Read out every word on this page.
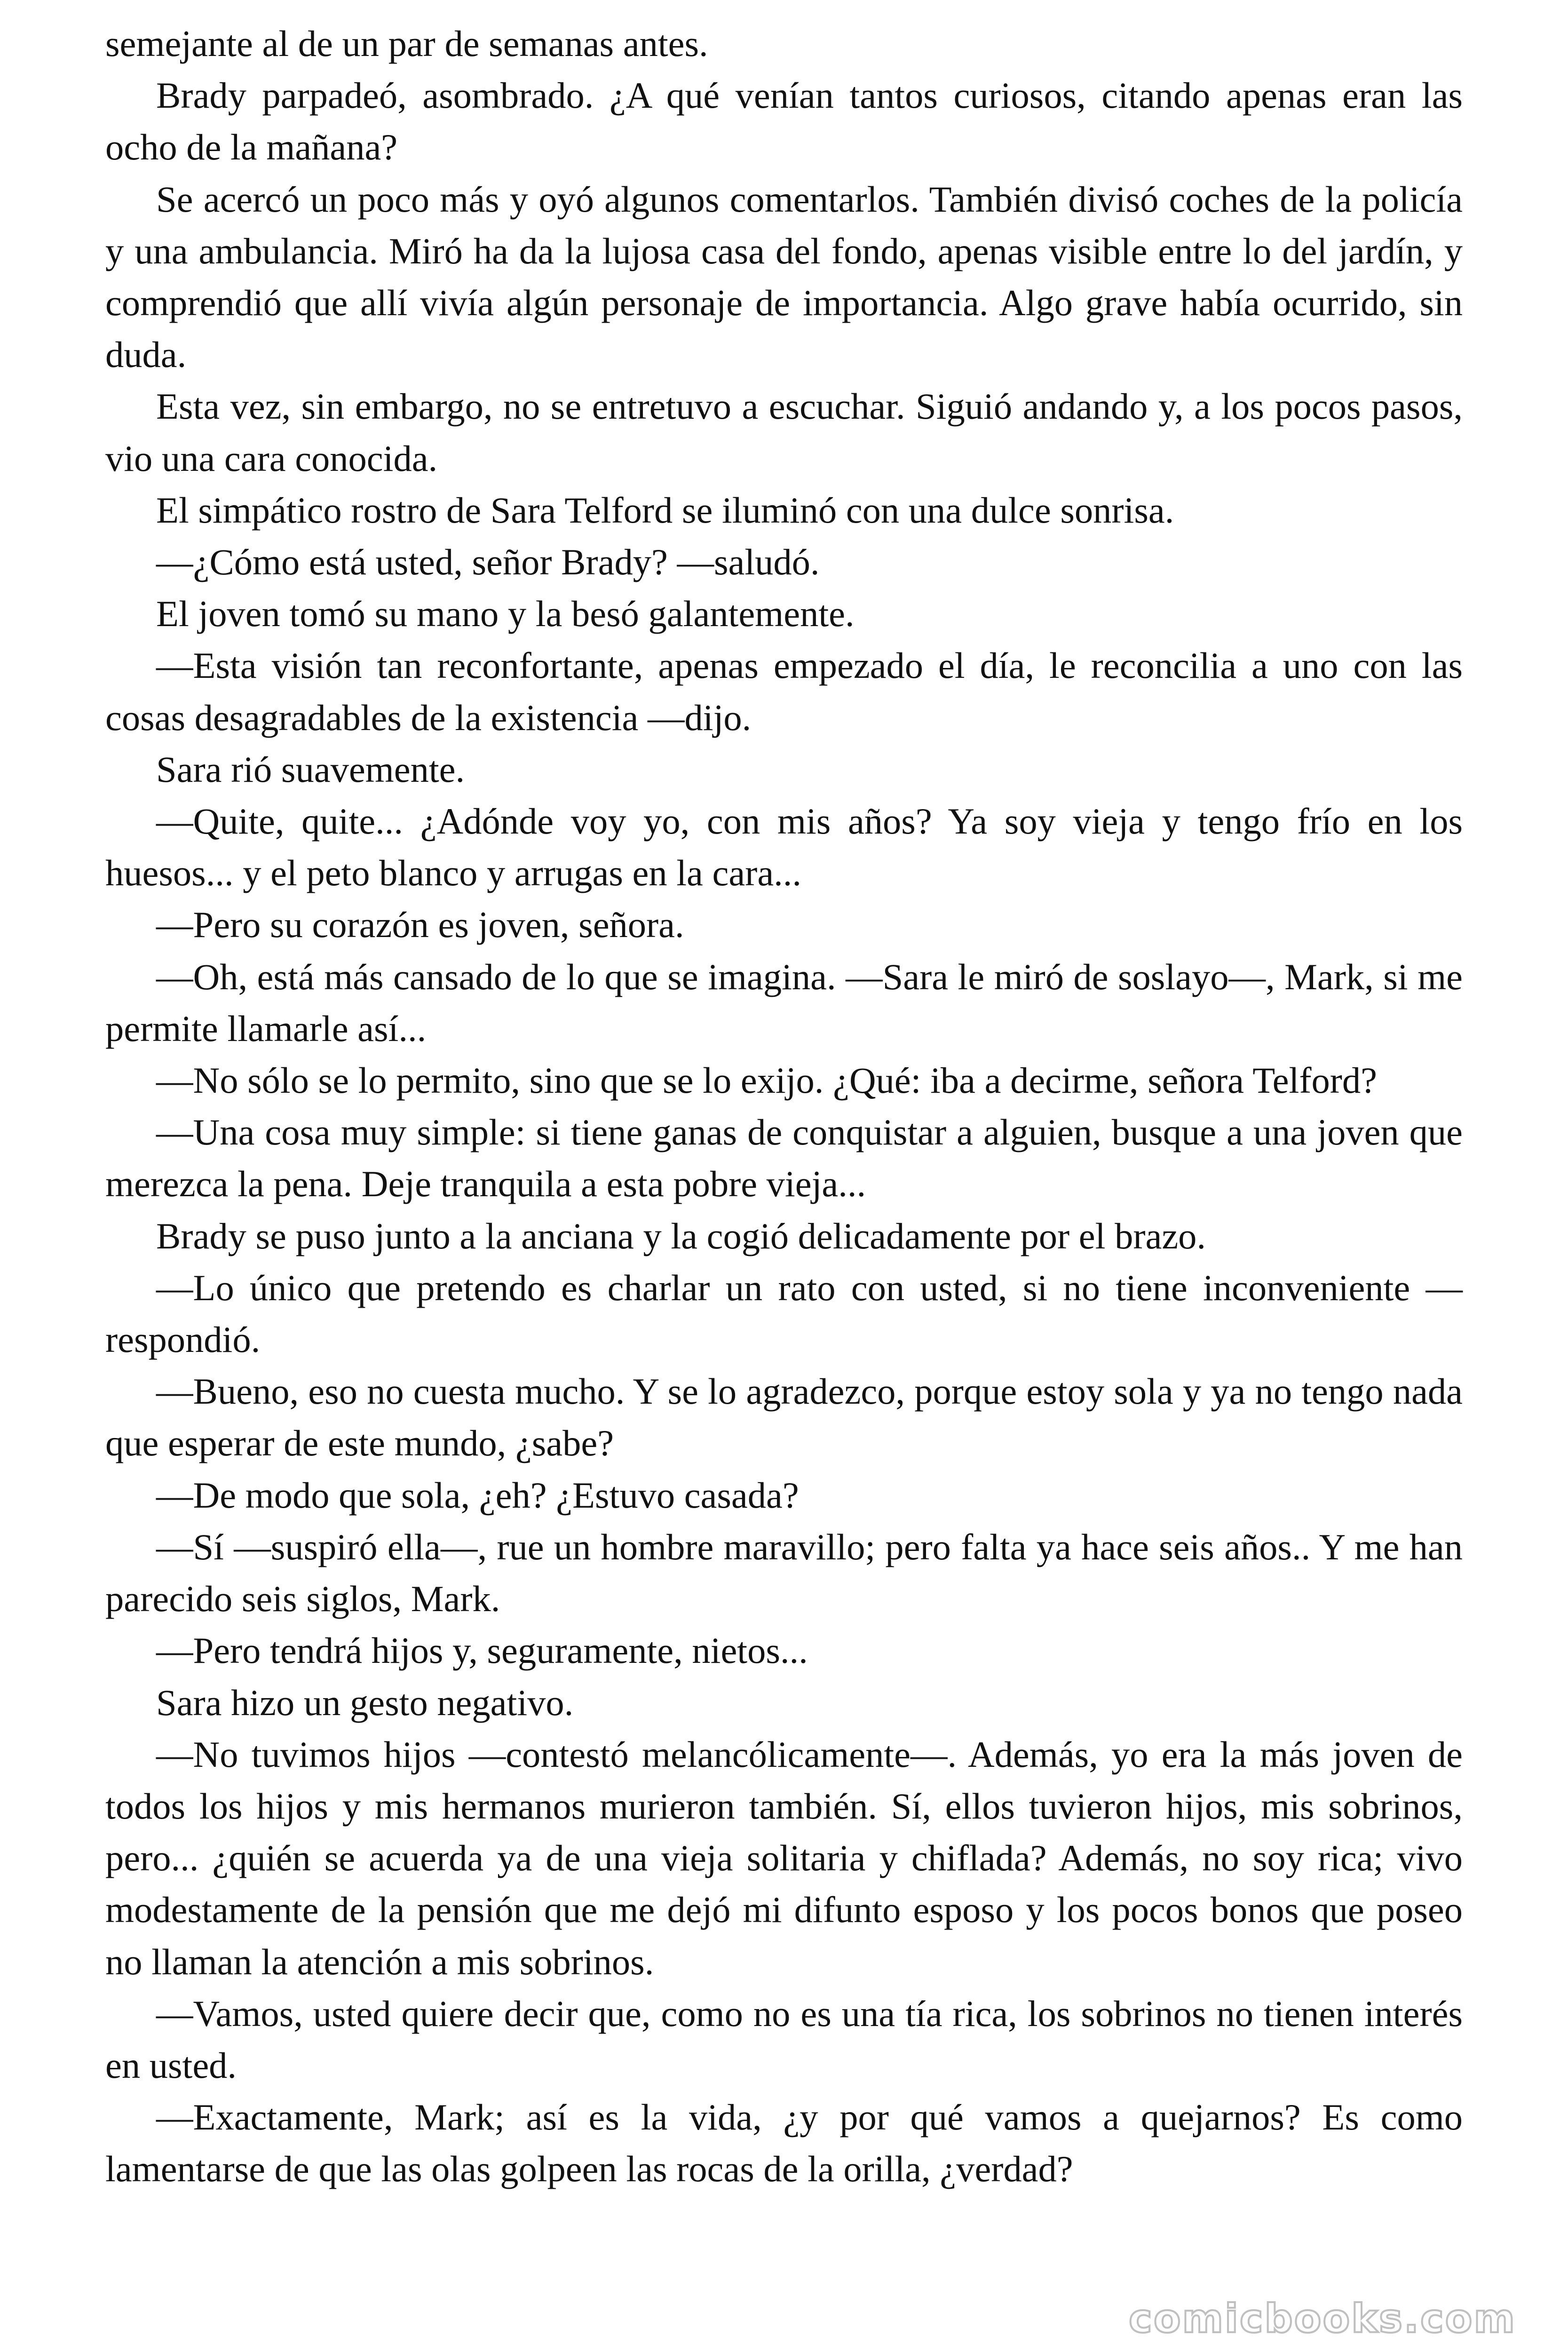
semejante al de un par de semanas antes.

Brady parpadeó, asombrado. ¿A qué venían tantos curiosos, citando apenas eran las ocho de la mañana?

Se acercó un poco más y oyó algunos comentarlos. También divisó coches de la policía y una ambulancia. Miró ha da la lujosa casa del fondo, apenas visible entre lo del jardín, y comprendió que allí vivía algún personaje de importancia. Algo grave había ocurrido, sin duda.

Esta vez, sin embargo, no se entretuvo a escuchar. Siguió andando y, a los pocos pasos, vio una cara conocida.

El simpático rostro de Sara Telford se iluminó con una dulce sonrisa.

—¿Cómo está usted, señor Brady? —saludó.

El joven tomó su mano y la besó galantemente.

—Esta visión tan reconfortante, apenas empezado el día, le reconcilia a uno con las cosas desagradables de la existencia —dijo.

Sara rió suavemente.

—Quite, quite... ¿Adónde voy yo, con mis años? Ya soy vieja y tengo frío en los huesos... y el peto blanco y arrugas en la cara...

—Pero su corazón es joven, señora.

—Oh, está más cansado de lo que se imagina. —Sara le miró de soslayo—, Mark, si me permite llamarle así...

—No sólo se lo permito, sino que se lo exijo. ¿Qué: iba a decirme, señora Telford?

—Una cosa muy simple: si tiene ganas de conquistar a alguien, busque a una joven que merezca la pena. Deje tranquila a esta pobre vieja...

Brady se puso junto a la anciana y la cogió delicadamente por el brazo.

—Lo único que pretendo es charlar un rato con usted, si no tiene inconveniente —respondió.

—Bueno, eso no cuesta mucho. Y se lo agradezco, porque estoy sola y ya no tengo nada que esperar de este mundo, ¿sabe?

—De modo que sola, ¿eh? ¿Estuvo casada?

—Sí —suspiró ella—, rue un hombre maravillo; pero falta ya hace seis años.. Y me han parecido seis siglos, Mark.

—Pero tendrá hijos y, seguramente, nietos...

Sara hizo un gesto negativo.

—No tuvimos hijos —contestó melancólicamente—. Además, yo era la más joven de todos los hijos y mis hermanos murieron también. Sí, ellos tuvieron hijos, mis sobrinos, pero... ¿quién se acuerda ya de una vieja solitaria y chiflada? Además, no soy rica; vivo modestamente de la pensión que me dejó mi difunto esposo y los pocos bonos que poseo no llaman la atención a mis sobrinos.

—Vamos, usted quiere decir que, como no es una tía rica, los sobrinos no tienen interés en usted.

—Exactamente, Mark; así es la vida, ¿y por qué vamos a quejarnos? Es como lamentarse de que las olas golpeen las rocas de la orilla, ¿verdad?

comicbooks.com
